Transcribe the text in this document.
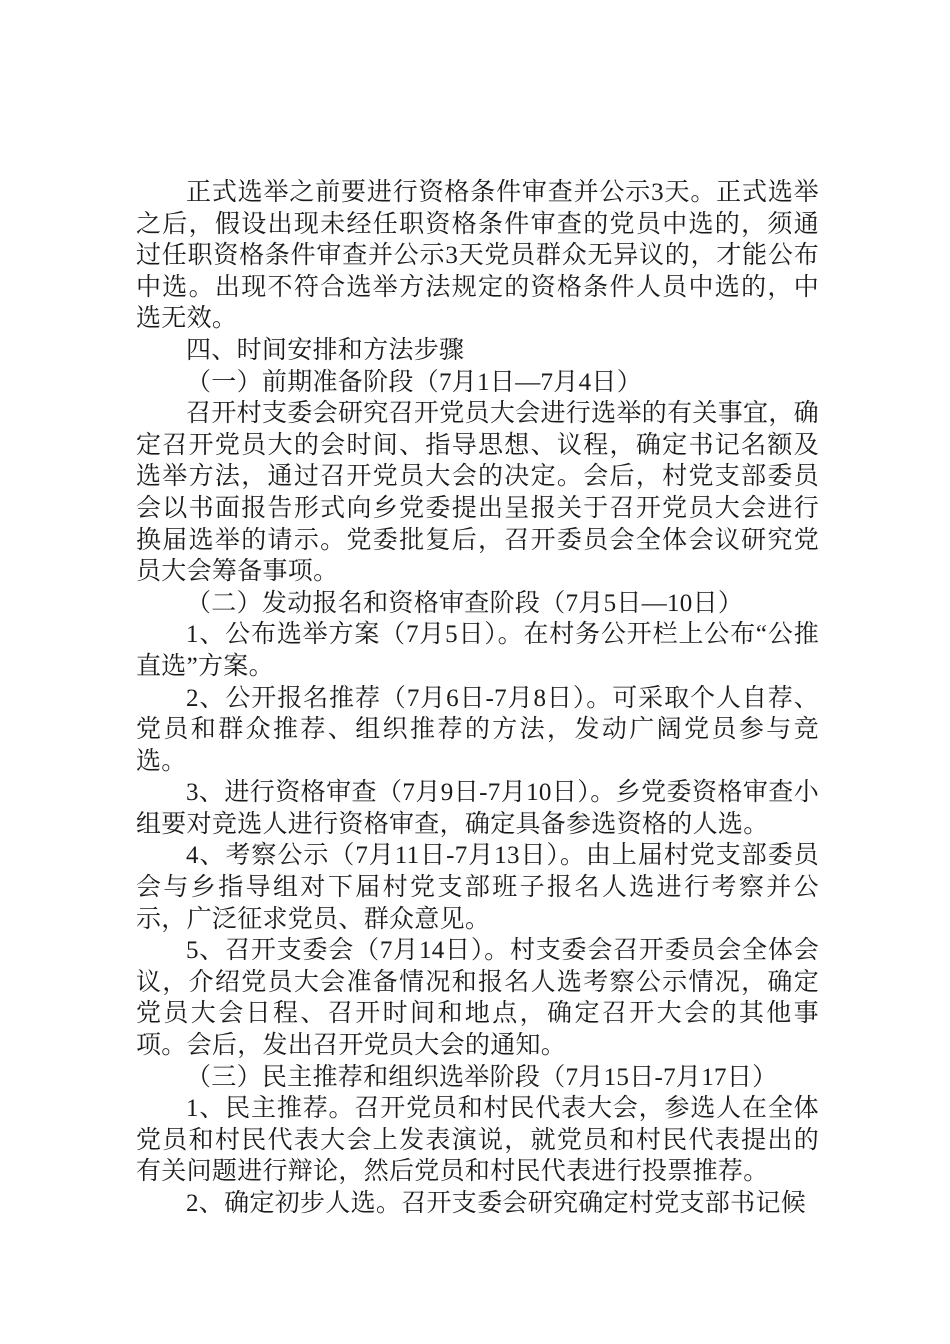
正式选举之前要进行资格条件审查并公示3天。正式选举之后，假设出现未经任职资格条件审查的党员中选的，须通过任职资格条件审查并公示3天党员群众无异议的，才能公布中选。出现不符合选举方法规定的资格条件人员中选的，中选无效。

四、时间安排和方法步骤

（一）前期准备阶段（7月1日—7月4日）

召开村支委会研究召开党员大会进行选举的有关事宜，确定召开党员大的会时间、指导思想、议程，确定书记名额及选举方法，通过召开党员大会的决定。会后，村党支部委员会以书面报告形式向乡党委提出呈报关于召开党员大会进行换届选举的请示。党委批复后，召开委员会全体会议研究党员大会筹备事项。

（二）发动报名和资格审查阶段（7月5日—10日）

1、公布选举方案（7月5日）。在村务公开栏上公布“公推直选”方案。

2、公开报名推荐（7月6日-7月8日）。可采取个人自荐、党员和群众推荐、组织推荐的方法，发动广阔党员参与竞选。

3、进行资格审查（7月9日-7月10日）。乡党委资格审查小组要对竞选人进行资格审查，确定具备参选资格的人选。

4、考察公示（7月11日-7月13日）。由上届村党支部委员会与乡指导组对下届村党支部班子报名人选进行考察并公示，广泛征求党员、群众意见。

5、召开支委会（7月14日）。村支委会召开委员会全体会议，介绍党员大会准备情况和报名人选考察公示情况，确定党员大会日程、召开时间和地点，确定召开大会的其他事项。会后，发出召开党员大会的通知。

（三）民主推荐和组织选举阶段（7月15日-7月17日）

1、民主推荐。召开党员和村民代表大会，参选人在全体党员和村民代表大会上发表演说，就党员和村民代表提出的有关问题进行辩论，然后党员和村民代表进行投票推荐。

2、确定初步人选。召开支委会研究确定村党支部书记候
